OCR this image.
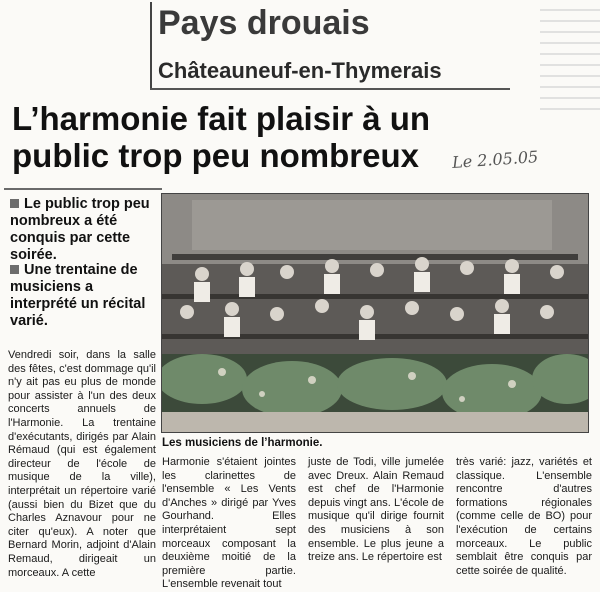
Pays drouais
Châteauneuf-en-Thymerais
L’harmonie fait plaisir à un public trop peu nombreux	Le 2.05.05
Le public trop peu nombreux a été conquis par cette soirée.
Une trentaine de musiciens a interprété un récital varié.
Les musiciens de l’harmonie.

Vendredi soir, dans la salle des fêtes, c'est dommage qu'il n'y ait pas eu plus de monde pour assister à l'un des deux concerts annuels de l'Harmonie. La trentaine d'exécutants, dirigés par Alain Rémaud (qui est également directeur de l'école de musique de la ville), interprétait un répertoire varié (aussi bien du Bizet que du Charles Aznavour pour ne citer qu'eux). A noter que Bernard Morin, adjoint d'Alain Remaud, dirigeait un morceaux. A cette

Harmonie s'étaient jointes les clarinettes de l'ensemble « Les Vents d'Anches » dirigé par Yves Gourhand. Elles interprétaient sept morceaux composant la deuxième moitié de la première partie. L'ensemble revenait tout

juste de Todi, ville jumelée avec Dreux. Alain Remaud est chef de l'Harmonie depuis vingt ans. L'école de musique qu'il dirige fournit des musiciens à son ensemble. Le plus jeune a treize ans. Le répertoire est

très varié: jazz, variétés et classique. L'ensemble rencontre d'autres formations régionales (comme celle de BO) pour l'exécution de certains morceaux. Le public semblait être conquis par cette soirée de qualité.
